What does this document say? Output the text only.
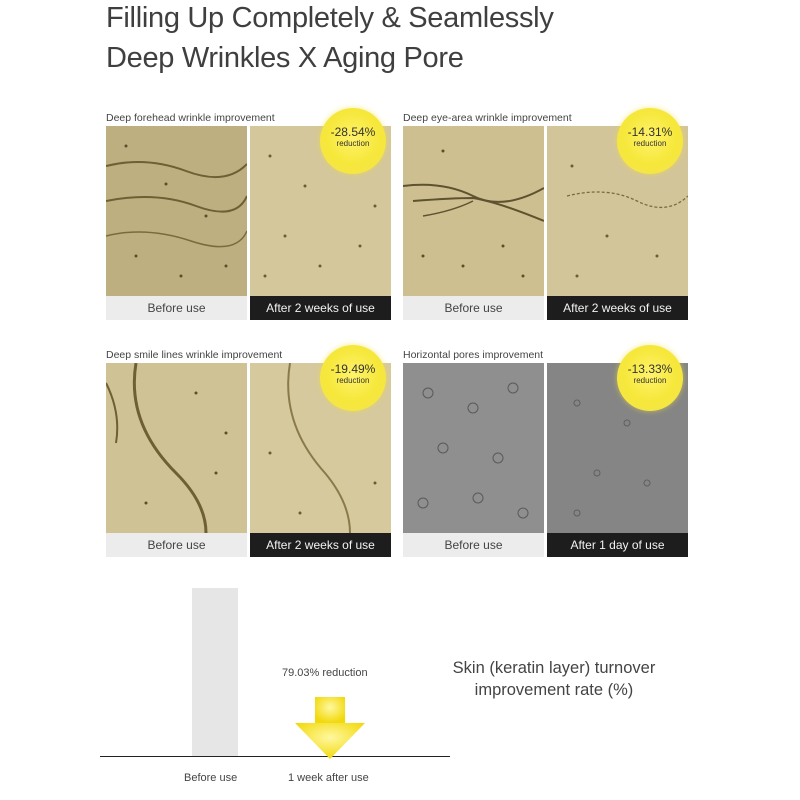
Filling Up Completely & Seamlessly
Deep Wrinkles X Aging Pore
Deep forehead wrinkle improvement
Before use	After 2 weeks of use
-28.54%
reduction
Deep eye-area wrinkle improvement
Before use	After 2 weeks of use
-14.31%
reduction
Deep smile lines wrinkle improvement
Before use	After 2 weeks of use
-19.49%
reduction
Horizontal pores improvement
Before use	After 1 day of use
-13.33%
reduction
79.03% reduction
Before use	1 week after use
Skin (keratin layer) turnover
improvement rate (%)
